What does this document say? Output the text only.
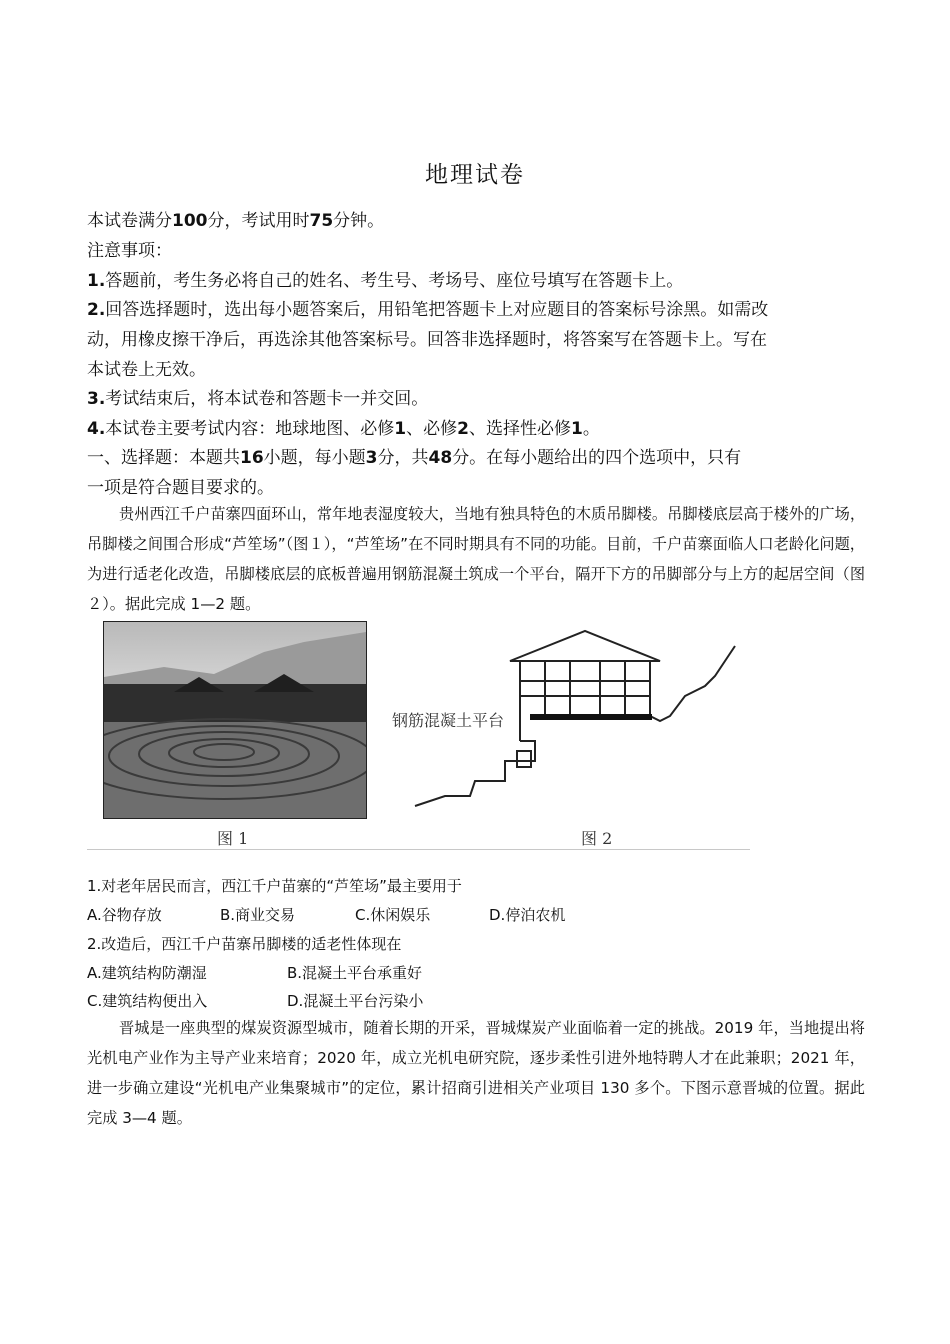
地理试卷
本试卷满分100分，考试用时75分钟。
注意事项：
1.答题前，考生务必将自己的姓名、考生号、考场号、座位号填写在答题卡上。
2.回答选择题时，选出每小题答案后，用铅笔把答题卡上对应题目的答案标号涂黑。如需改
动，用橡皮擦干净后，再选涂其他答案标号。回答非选择题时，将答案写在答题卡上。写在
本试卷上无效。
3.考试结束后，将本试卷和答题卡一并交回。
4.本试卷主要考试内容：地球地图、必修1、必修2、选择性必修1。
一、选择题：本题共16小题，每小题3分，共48分。在每小题给出的四个选项中，只有
一项是符合题目要求的。
贵州西江千户苗寨四面环山，常年地表湿度较大，当地有独具特色的木质吊脚楼。吊脚楼底层高于楼外的广场，吊脚楼之间围合形成“芦笙场”（图１），“芦笙场”在不同时期具有不同的功能。目前，千户苗寨面临人口老龄化问题，为进行适老化改造，吊脚楼底层的底板普遍用钢筋混凝土筑成一个平台，隔开下方的吊脚部分与上方的起居空间（图２）。据此完成 1—2 题。
图 1
钢筋混凝土平台
图 2
1.对老年居民而言，西江千户苗寨的“芦笙场”最主要用于
A.谷物存放	B.商业交易	C.休闲娱乐	D.停泊农机
2.改造后，西江千户苗寨吊脚楼的适老性体现在
A.建筑结构防潮湿	B.混凝土平台承重好
C.建筑结构便出入	D.混凝土平台污染小
晋城是一座典型的煤炭资源型城市，随着长期的开采，晋城煤炭产业面临着一定的挑战。2019 年，当地提出将光机电产业作为主导产业来培育；2020 年，成立光机电研究院，逐步柔性引进外地特聘人才在此兼职；2021 年，进一步确立建设“光机电产业集聚城市”的定位，累计招商引进相关产业项目 130 多个。下图示意晋城的位置。据此完成 3—4 题。
